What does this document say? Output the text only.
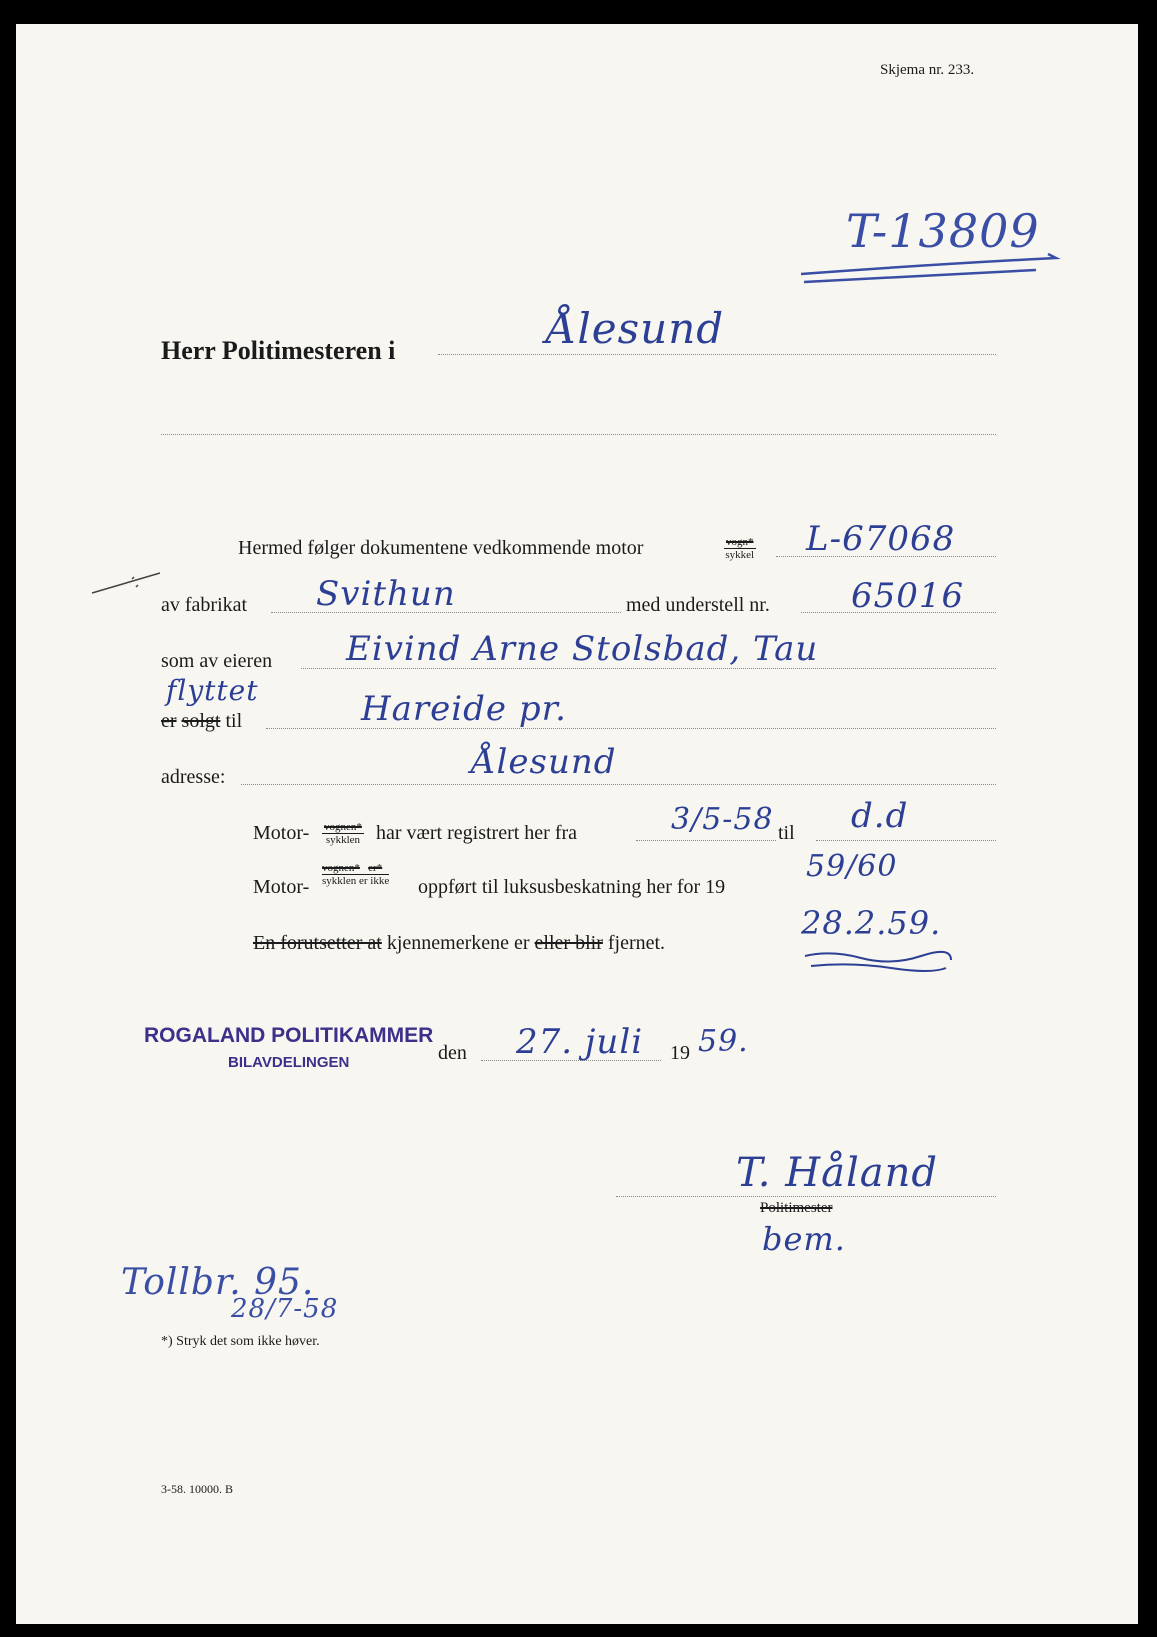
Skjema nr. 233.
T-13809
Herr Politimesteren i	Ålesund
Hermed følger dokumentene vedkommende motor	vogn*
sykkel L-67068
av fabrikat Svithun	med understell nr. 65016
som av eieren Eivind Arne Stolsbad, Tau
flyttet
er solgt til	Hareide pr.
adresse:	Ålesund
Motor- vognen*
sykklen har vært registrert her fra	3/5-58 til d.d
Motor-
vognen* er*
sykklen er ikke oppført til luksusbeskatning her for 19
59/60
En forutsetter at kjennemerkene er eller blir fjernet.
28.2.59.
ROGALAND POLITIKAMMER
BILAVDELINGEN	den 27. juli 19 59.
T. Håland
Politimester
bem.
Tollbr. 95.
28/7-58
*) Stryk det som ikke høver.
3-58. 10000. B
